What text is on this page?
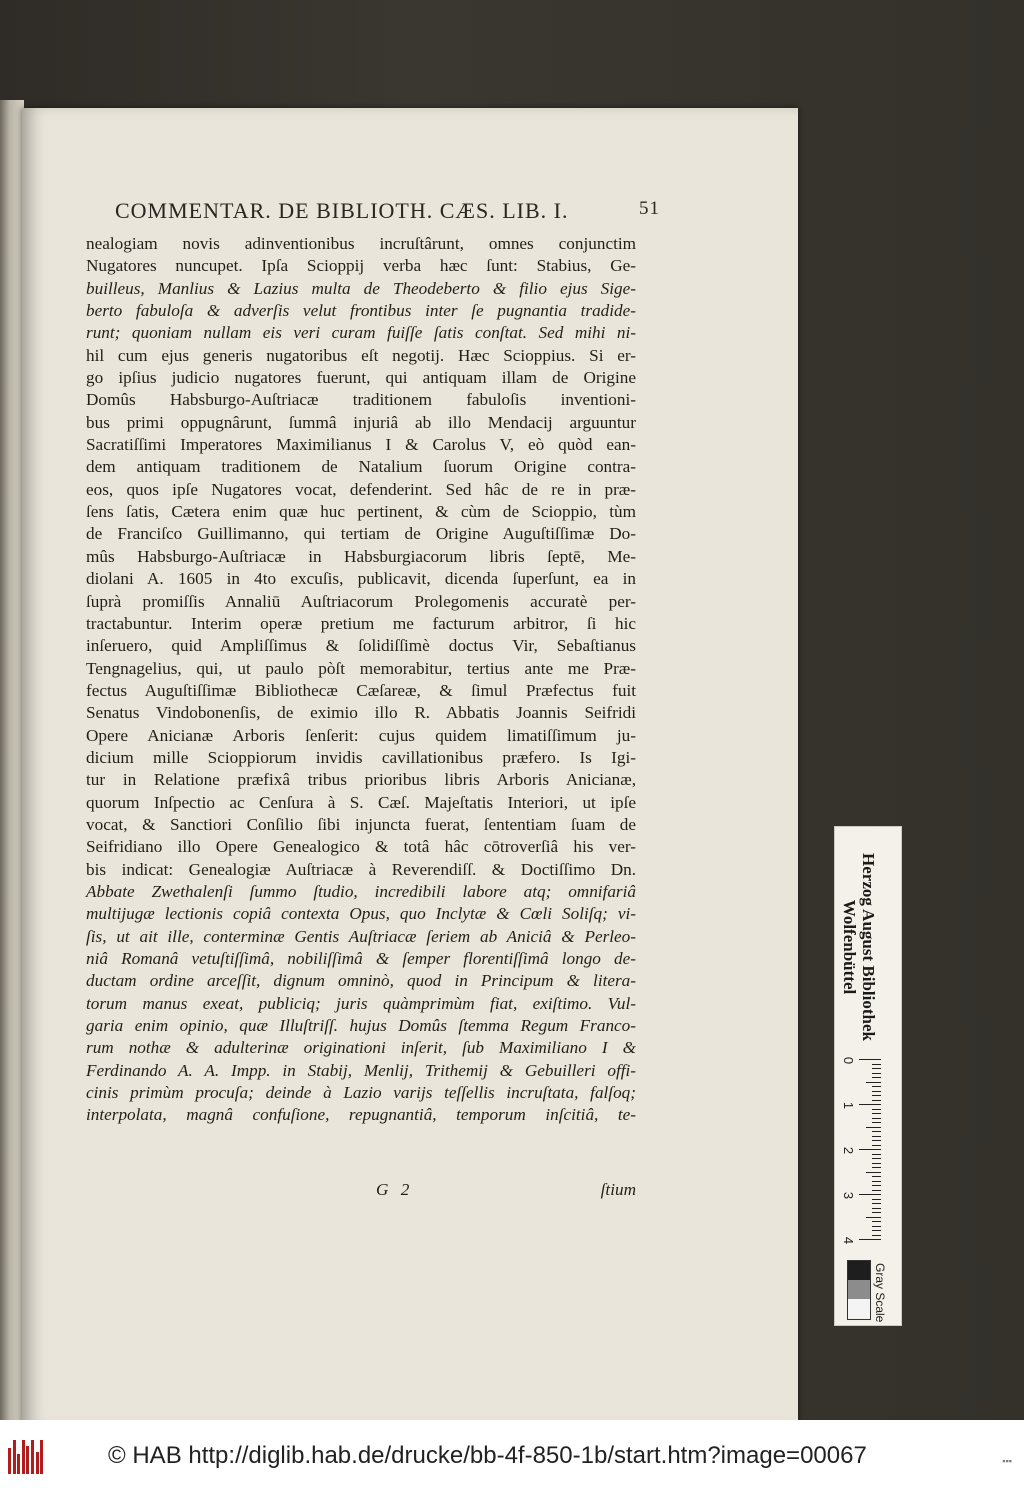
COMMENTAR. DE BIBLIOTH. CÆS. LIB. I.	51
nealogiam novis adinventionibus incruſtârunt, omnes conjunctim
Nugatores nuncupet. Ipſa Scioppij verba hæc ſunt: Stabius, Ge-
builleus, Manlius & Lazius multa de Theodeberto & filio ejus Sige-
berto fabuloſa & adverſis velut frontibus inter ſe pugnantia tradide-
runt; quoniam nullam eis veri curam fuiſſe ſatis conſtat. Sed mihi ni-
hil cum ejus generis nugatoribus eſt negotij. Hæc Scioppius. Si er-
go ipſius judicio nugatores fuerunt, qui antiquam illam de Origine
Domûs Habsburgo-Auſtriacæ traditionem fabuloſis inventioni-
bus primi oppugnârunt, ſummâ injuriâ ab illo Mendacij arguuntur
Sacratiſſimi Imperatores Maximilianus I & Carolus V, eò quòd ean-
dem antiquam traditionem de Natalium ſuorum Origine contra-
eos, quos ipſe Nugatores vocat, defenderint. Sed hâc de re in præ-
ſens ſatis, Cætera enim quæ huc pertinent, & cùm de Scioppio, tùm
de Franciſco Guillimanno, qui tertiam de Origine Auguſtiſſimæ Do-
mûs Habsburgo-Auſtriacæ in Habsburgiacorum libris ſeptē, Me-
diolani A. 1605 in 4to excuſis, publicavit, dicenda ſuperſunt, ea in
ſuprà promiſſis Annaliū Auſtriacorum Prolegomenis accuratè per-
tractabuntur. Interim operæ pretium me facturum arbitror, ſi hic
inſeruero, quid Ampliſſimus & ſolidiſſimè doctus Vir, Sebaſtianus
Tengnagelius, qui, ut paulo pòſt memorabitur, tertius ante me Præ-
fectus Auguſtiſſimæ Bibliothecæ Cæſareæ, & ſimul Præfectus fuit
Senatus Vindobonenſis, de eximio illo R. Abbatis Joannis Seifridi
Opere Anicianæ Arboris ſenſerit: cujus quidem limatiſſimum ju-
dicium mille Scioppiorum invidis cavillationibus præfero. Is Igi-
tur in Relatione præfixâ tribus prioribus libris Arboris Anicianæ,
quorum Inſpectio ac Cenſura à S. Cæſ. Majeſtatis Interiori, ut ipſe
vocat, & Sanctiori Conſilio ſibi injuncta fuerat, ſententiam ſuam de
Seifridiano illo Opere Genealogico & totâ hâc cōtroverſiâ his ver-
bis indicat: Genealogiæ Auſtriacæ à Reverendiſſ. & Doctiſſimo Dn.
Abbate Zwethalenſi ſummo ſtudio, incredibili labore atq; omnifariâ
multijugæ lectionis copiâ contexta Opus, quo Inclytæ & Cœli Soliſq; vi-
ſis, ut ait ille, conterminæ Gentis Auſtriacæ ſeriem ab Aniciâ & Perleo-
niâ Romanâ vetuſtiſſimâ, nobiliſſimâ & ſemper florentiſſimâ longo de-
ductam ordine arceſſit, dignum omninò, quod in Principum & litera-
torum manus exeat, publiciq; juris quàmprimùm fiat, exiſtimo. Vul-
garia enim opinio, quæ Illuſtriſſ. hujus Domûs ſtemma Regum Franco-
rum nothæ & adulterinæ originationi inſerit, ſub Maximiliano I &
Ferdinando A. A. Impp. in Stabij, Menlij, Trithemij & Gebuilleri offi-
cinis primùm procuſa; deinde à Lazio varijs teſſellis incruſtata, falſoq;
interpolata, magnâ confuſione, repugnantiâ, temporum inſcitiâ, te-
G 2	ſtium
Herzog August Bibliothek
Wolfenbüttel
0
1
2
3
4
Gray Scale
© HAB http://diglib.hab.de/drucke/bb-4f-850-1b/start.htm?image=00067	▪▪▪
